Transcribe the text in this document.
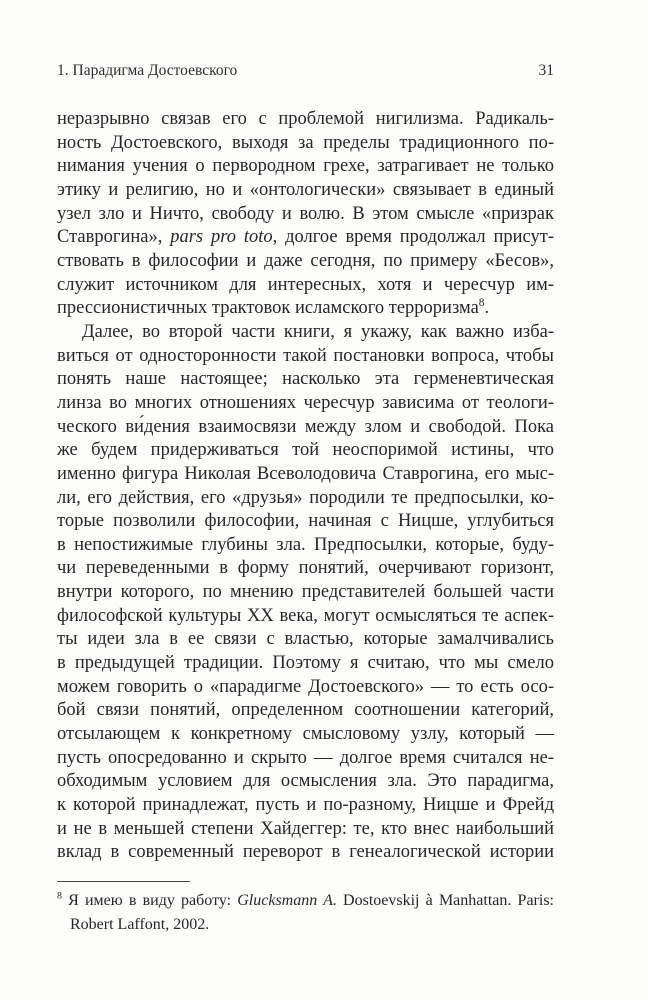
1. Парадигма Достоевского	31
неразрывно связав его с проблемой нигилизма. Радикаль-
ность Достоевского, выходя за пределы традиционного по-
нимания учения о первородном грехе, затрагивает не только
этику и религию, но и «онтологически» связывает в единый
узел зло и Ничто, свободу и волю. В этом смысле «призрак
Ставрогина», pars pro toto, долгое время продолжал присут-
ствовать в философии и даже сегодня, по примеру «Бесов»,
служит источником для интересных, хотя и чересчур им-
прессионистичных трактовок исламского терроризма$^8$.
Далее, во второй части книги, я укажу, как важно изба-
виться от односторонности такой постановки вопроса, чтобы
понять наше настоящее; насколько эта герменевтическая
линза во многих отношениях чересчур зависима от теологи-
ческого ви́дения взаимосвязи между злом и свободой. Пока
же будем придерживаться той неоспоримой истины, что
именно фигура Николая Всеволодовича Ставрогина, его мыс-
ли, его действия, его «друзья» породили те предпосылки, ко-
торые позволили философии, начиная с Ницше, углубиться
в непостижимые глубины зла. Предпосылки, которые, буду-
чи переведенными в форму понятий, очерчивают горизонт,
внутри которого, по мнению представителей большей части
философской культуры XX века, могут осмысляться те аспек-
ты идеи зла в ее связи с властью, которые замалчивались
в предыдущей традиции. Поэтому я считаю, что мы смело
можем говорить о «парадигме Достоевского» — то есть осо-
бой связи понятий, определенном соотношении категорий,
отсылающем к конкретному смысловому узлу, который —
пусть опосредованно и скрыто — долгое время считался не-
обходимым условием для осмысления зла. Это парадигма,
к которой принадлежат, пусть и по-разному, Ницше и Фрейд
и не в меньшей степени Хайдеггер: те, кто внес наибольший
вклад в современный переворот в генеалогической истории
$^8$ Я имею в виду работу: Glucksmann A. Dostoevskij à Manhattan. Paris:
Robert Laffont, 2002.
